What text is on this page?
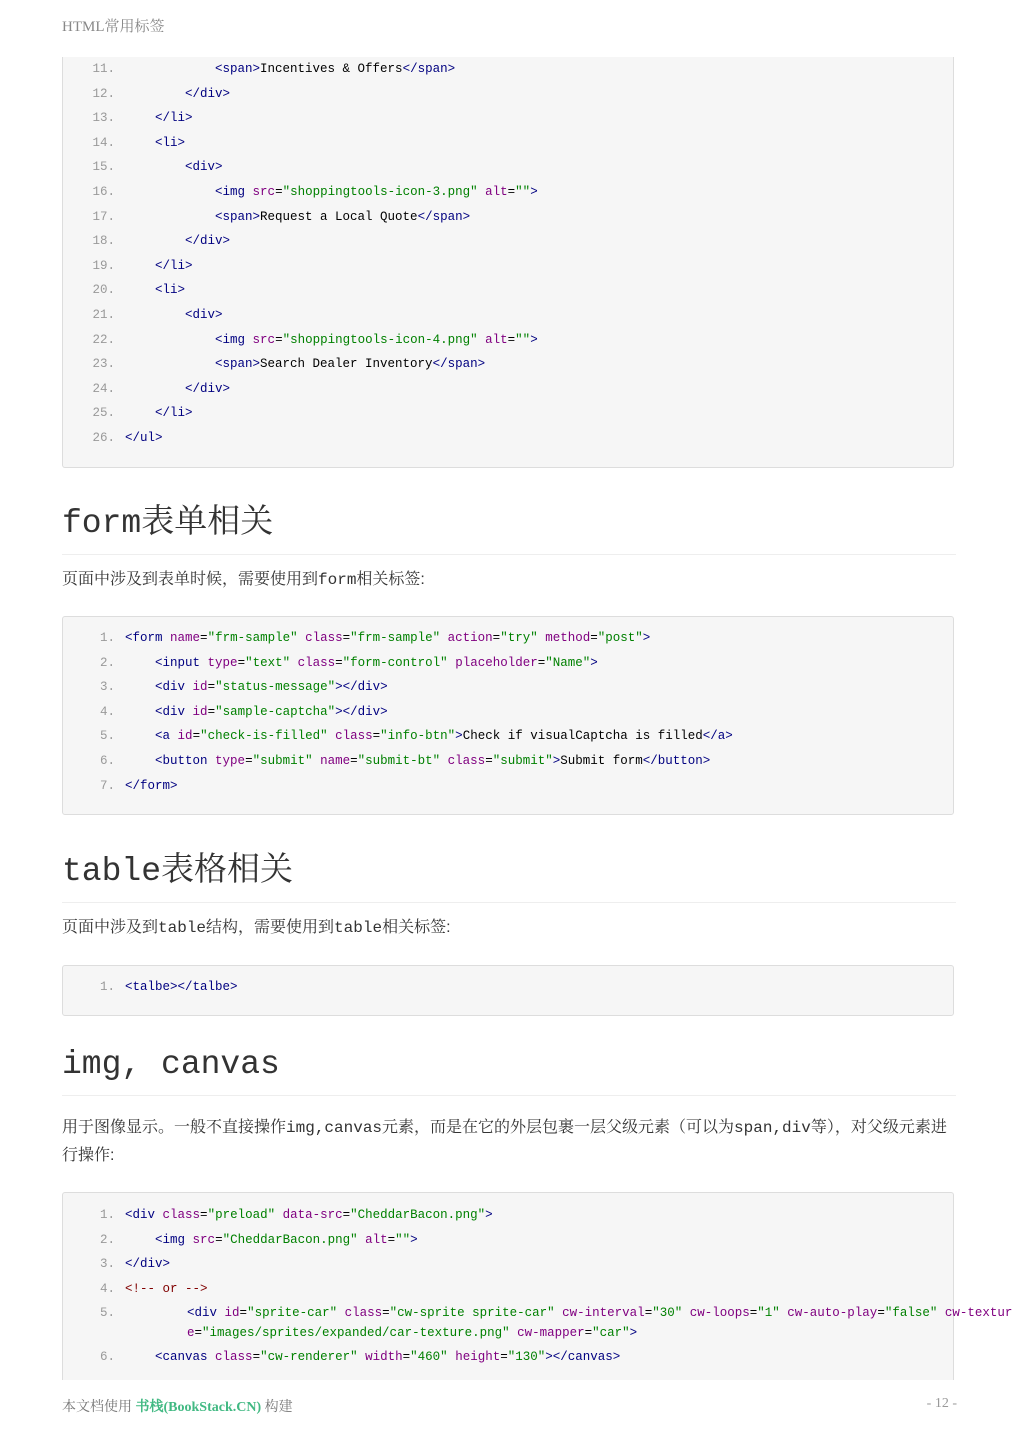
HTML常用标签
11.	<span>Incentives & Offers</span>
12.	</div>
13.	</li>
14.	<li>
15.	<div>
16.	<img src="shoppingtools-icon-3.png" alt="">
17.	<span>Request a Local Quote</span>
18.	</div>
19.	</li>
20.	<li>
21.	<div>
22.	<img src="shoppingtools-icon-4.png" alt="">
23.	<span>Search Dealer Inventory</span>
24.	</div>
25.	</li>
26. </ul>
form表单相关

页面中涉及到表单时候，需要使用到form相关标签:

1. <form name="frm-sample" class="frm-sample" action="try" method="post">
2.	<input type="text" class="form-control" placeholder="Name">
3.	<div id="status-message"></div>
4.	<div id="sample-captcha"></div>
5.	<a id="check-is-filled" class="info-btn">Check if visualCaptcha is filled</a>
6.	<button type="submit" name="submit-bt" class="submit">Submit form</button>
7. </form>
table表格相关

页面中涉及到table结构，需要使用到table相关标签:

1. <talbe></talbe>
img, canvas

用于图像显示。一般不直接操作img,canvas元素，而是在它的外层包裹一层父级元素（可以为span,div等），对父级元素进行操作:

1. <div class="preload" data-src="CheddarBacon.png">
2.	<img src="CheddarBacon.png" alt="">
3. </div>
4. <!-- or -->
5.	<div id="sprite-car" class="cw-sprite sprite-car" cw-interval="30" cw-loops="1" cw-auto-play="false" cw-texture="images/sprites/expanded/car-texture.png" cw-mapper="car">
6.	<canvas class="cw-renderer" width="460" height="130"></canvas>
本文档使用 书栈(BookStack.CN) 构建	- 12 -
